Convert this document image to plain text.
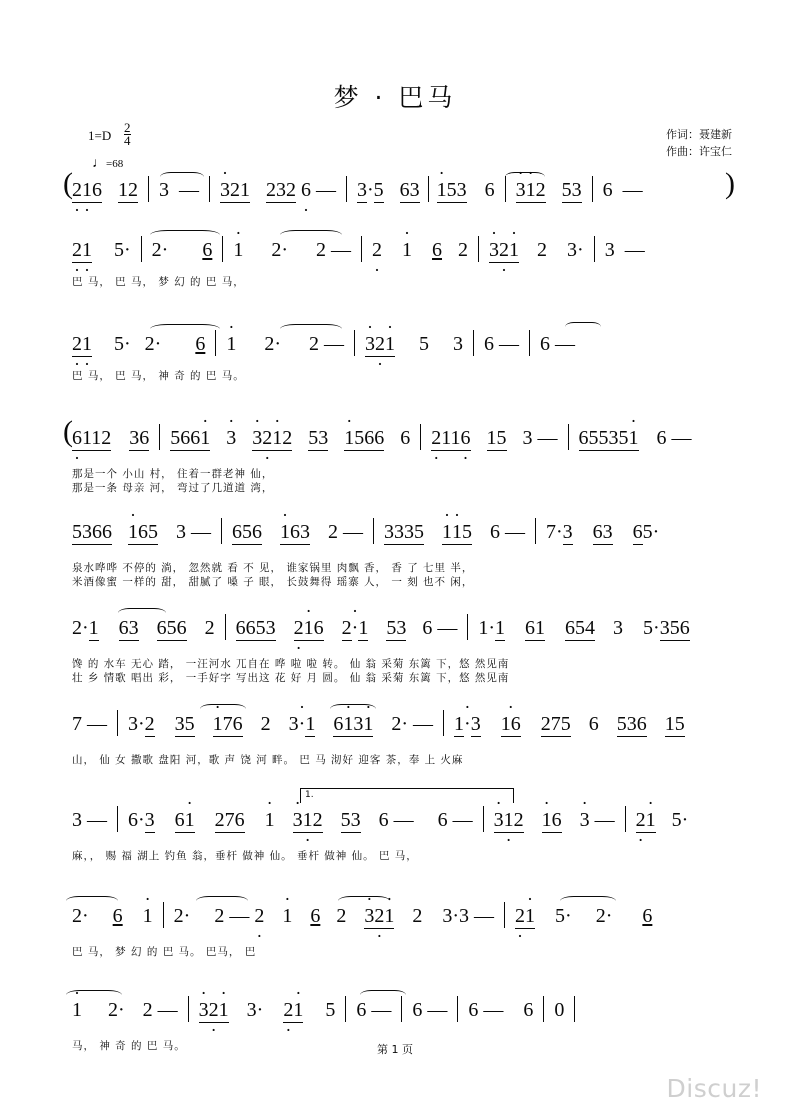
梦 · 巴马
作词：聂建新
作曲：许宝仁
$1=D \frac{2}{4}$
♩=68
( 2 ·1 ·6 12 3  —  3 ·21 232 6 · —  3·5 63 1 ·53 6 3 ·1 ·2 53 6  —	)
2 ·1 · 5· 2· 6 1 · 2· 2 —  2 · 1 · 6 2 3 ·2 ·1 · 2 3· 3  —
巴 马， 巴 马， 梦 幻 的 巴 马，
2 ·1 · 5· 2· 6 1 · 2· 2 —  3 ·2 ·1 · 5 3 6 —  6 —
巴 马， 巴 马， 神 奇 的 巴 马。
( 6 ·112 36 5661 · 3 · 3 ·2 ·1 ·2 53 1 ·566 6 2 ·116 · 15 3 —  655351 · 6 —
那是一个 小山 村， 住着一群老神 仙，
那是一条 母亲 河， 弯过了几道道 湾，
5366 1 ·65 3 —  656 1 ·63 2 —  3335 1 ·1 ·5 6 —  7·3 63 65·
泉水哗哗 不停的 淌， 忽然就 看 不 见， 谁家锅里 肉飘 香， 香 了 七里 半，
米酒像蜜 一样的 甜， 甜腻了 嗓 子 眼， 长鼓舞得 瑶寨 人， 一 刻 也不 闲，
2·1 63 656 2 6653 2 ·1 ·6 2·1 · 53 6 —  1·1 61 654 3 5·356
馋 的 水车 无心 踏， 一汪河水 兀自在 哗 啦 啦 转。 仙 翁 采菊 东篱 下，悠 然见南
壮 乡 情歌 唱出 彩， 一手好字 写出这 花 好 月 圆。 仙 翁 采菊 东篱 下，悠 然见南
7 —  3·2 35 1 ·76 2 3·1 · 61 ·31 · 2· —  1 ··3 1 ·6 275 6 536 15
山， 仙 女 撒歌 盘阳 河，歌 声 饶 河 畔。 巴 马 沏好 迎客 茶，奉 上 火麻
1.
3 —  6·3 61 · 276 1 · 3 ·1 ·2 53 6 —  6 —  3 ·1 ·2 1 ·6 3 · —  2 ·1 · 5·
麻，， 赐 福 湖上 钓鱼 翁，垂杆 做神 仙。 垂杆 做神 仙。 巴 马，
2· 6 1 · 2· 2 — 2 · 1 · 6 2 3 ·2 ·1 · 2 3·3 —  2 ·1 · 5· 2· 6
巴 马， 梦 幻 的 巴 马。 巴马， 巴
1 · 2· 2 —  3 ·2 ·1 · 3· 2 ·1 · 5 6 —  6 —  6 —  6 0
马， 神 奇 的 巴 马。	第 1 页
Discuz!
